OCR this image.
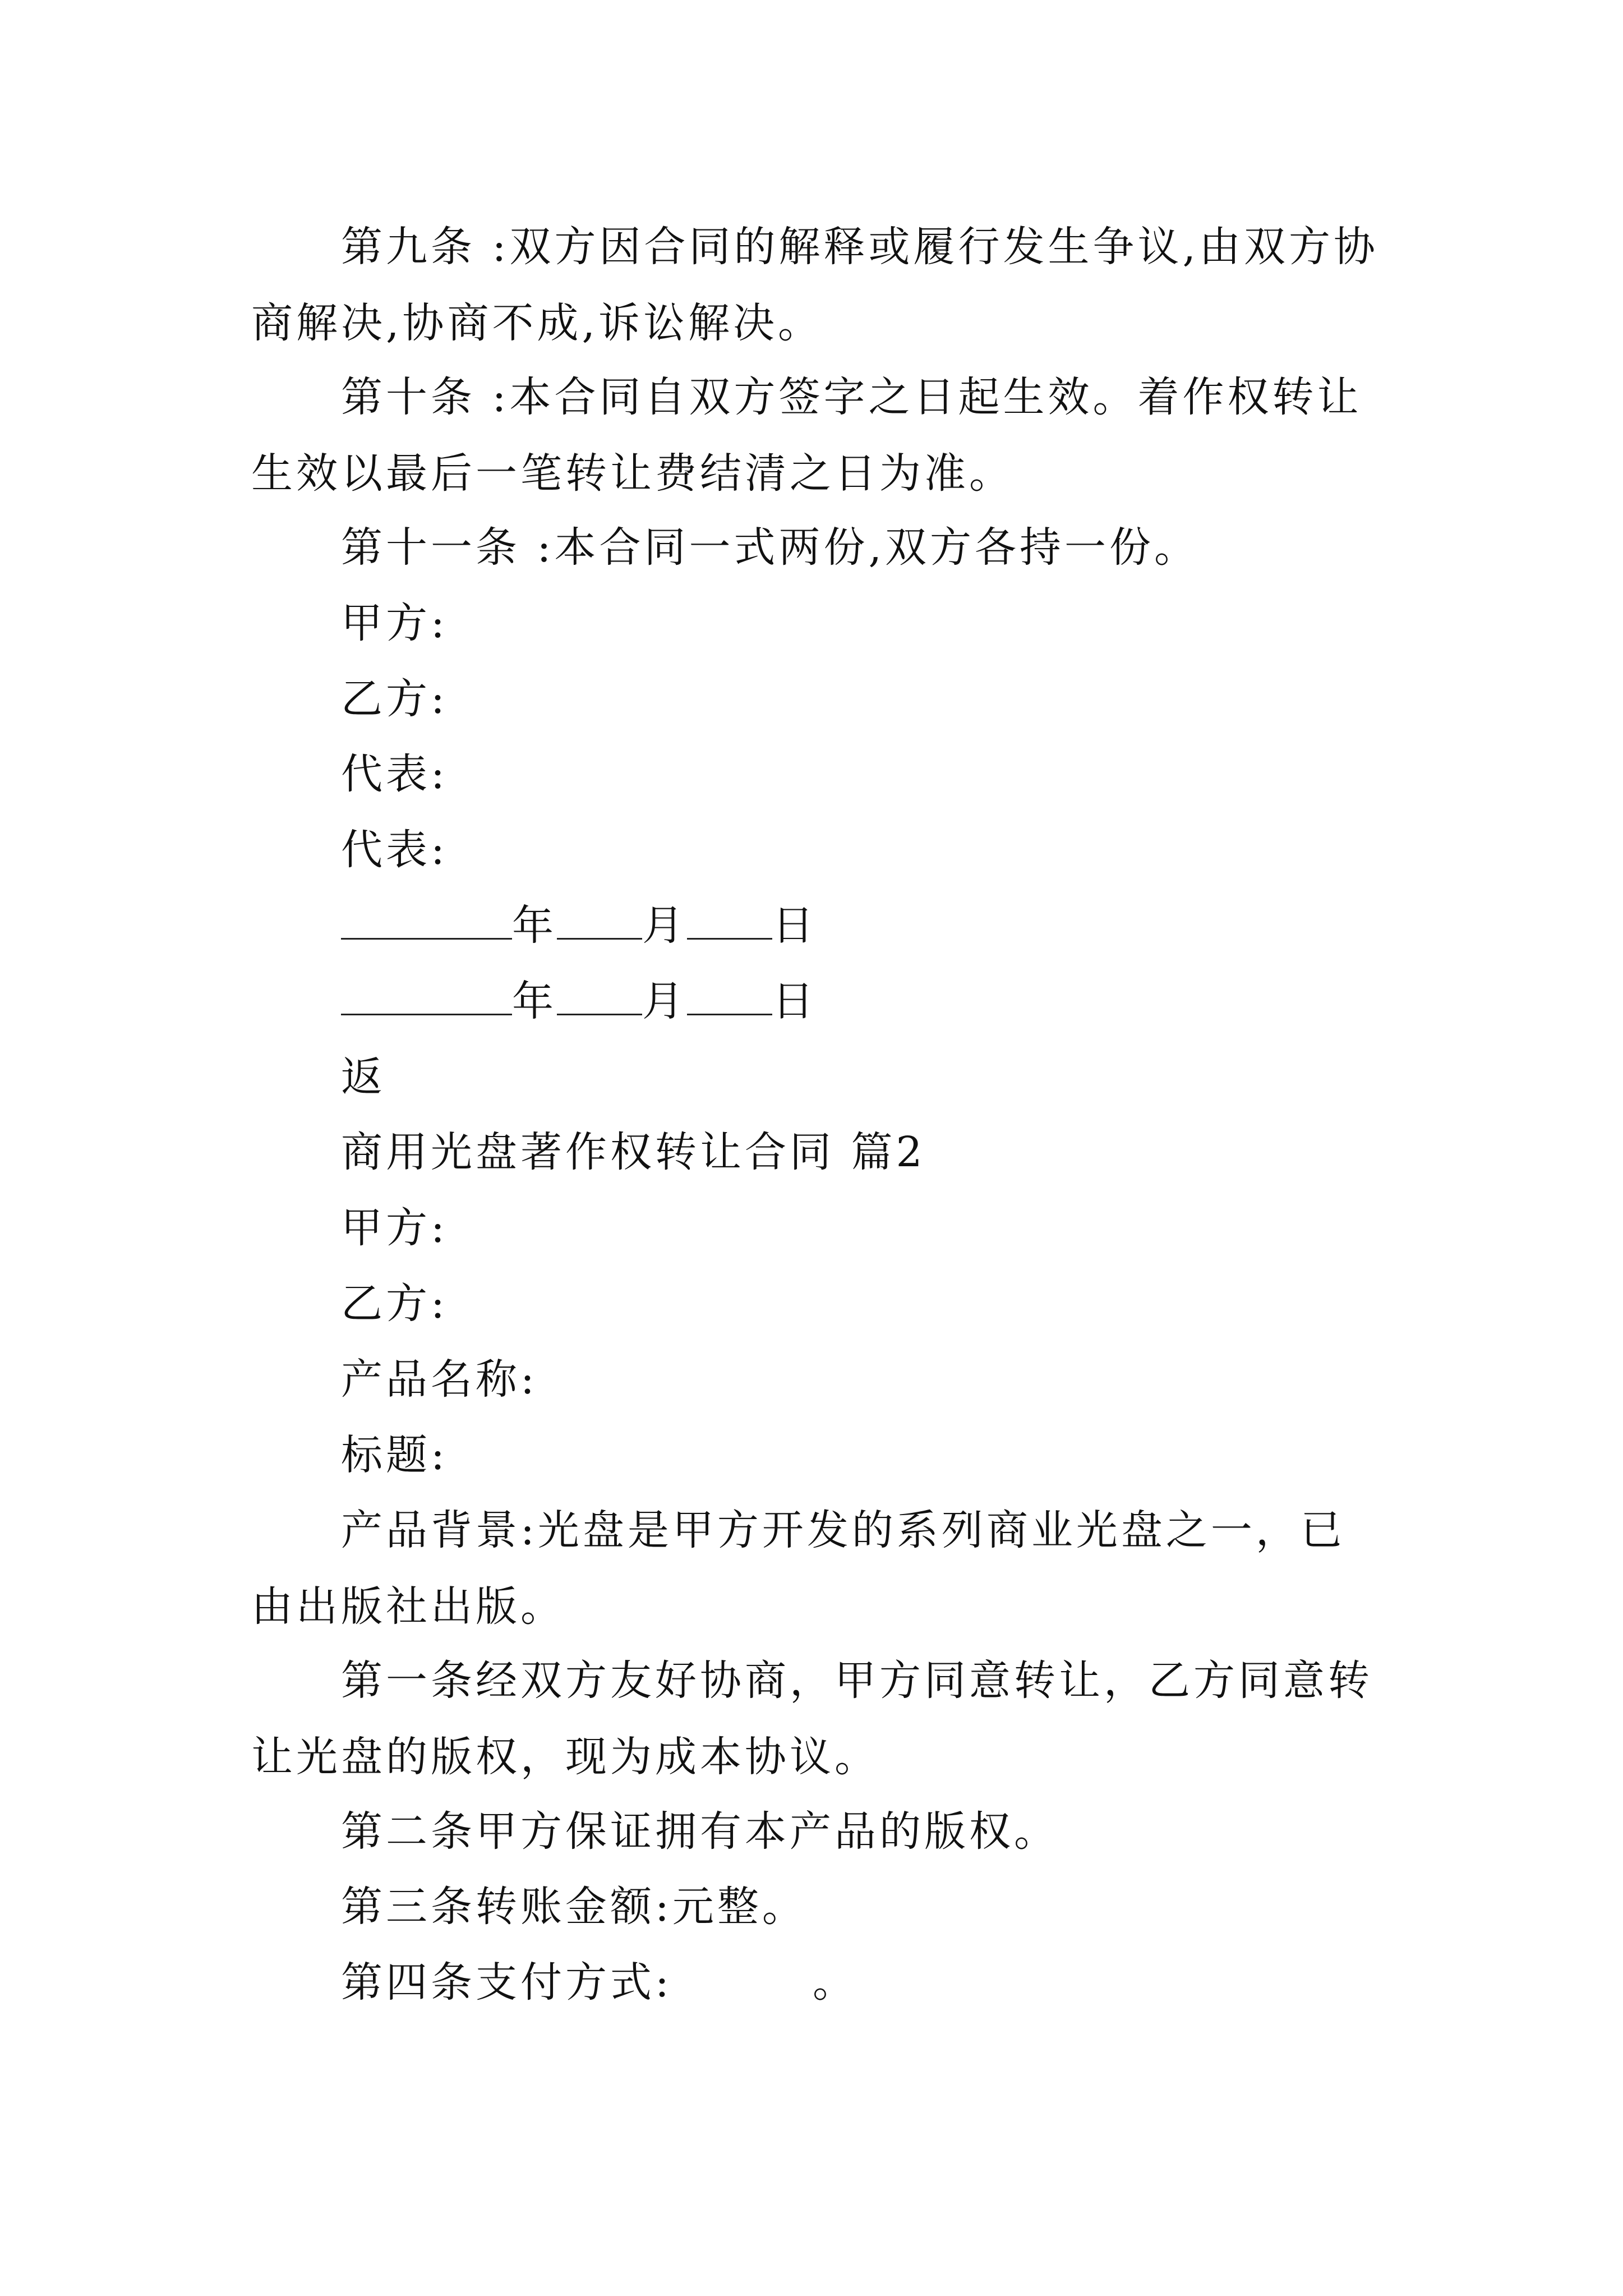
第九条 :双方因合同的解释或履行发生争议,由双方协商解决,协商不成,诉讼解决。

第十条 :本合同自双方签字之日起生效。着作权转让生效以最后一笔转让费结清之日为准。

第十一条 :本合同一式两份,双方各持一份。

甲方:

乙方:

代表:

代表:

年 月 日

年 月 日

返

商用光盘著作权转让合同 篇2

甲方:

乙方:

产品名称:

标题:

产品背景:光盘是甲方开发的系列商业光盘之一，已由出版社出版。

第一条经双方友好协商，甲方同意转让，乙方同意转让光盘的版权，现为成本协议。

第二条甲方保证拥有本产品的版权。

第三条转账金额:元整。

第四条支付方式:	。
